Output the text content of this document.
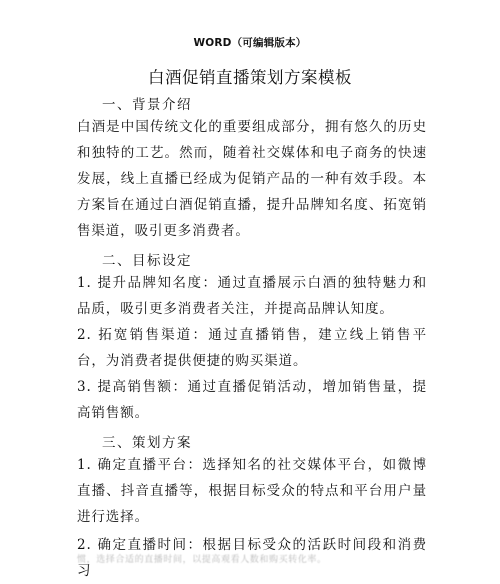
WORD（可编辑版本）
白酒促销直播策划方案模板
一、背景介绍

白酒是中国传统文化的重要组成部分，拥有悠久的历史和独特的工艺。然而，随着社交媒体和电子商务的快速发展，线上直播已经成为促销产品的一种有效手段。本方案旨在通过白酒促销直播，提升品牌知名度、拓宽销售渠道，吸引更多消费者。

二、目标设定

1. 提升品牌知名度：通过直播展示白酒的独特魅力和品质，吸引更多消费者关注，并提高品牌认知度。

2. 拓宽销售渠道：通过直播销售，建立线上销售平台，为消费者提供便捷的购买渠道。

3. 提高销售额：通过直播促销活动，增加销售量，提高销售额。

三、策划方案

1. 确定直播平台：选择知名的社交媒体平台，如微博直播、抖音直播等，根据目标受众的特点和平台用户量进行选择。

2. 确定直播时间：根据目标受众的活跃时间段和消费习

惯，选择合适的直播时间，以提高观看人数和购买转化率。
